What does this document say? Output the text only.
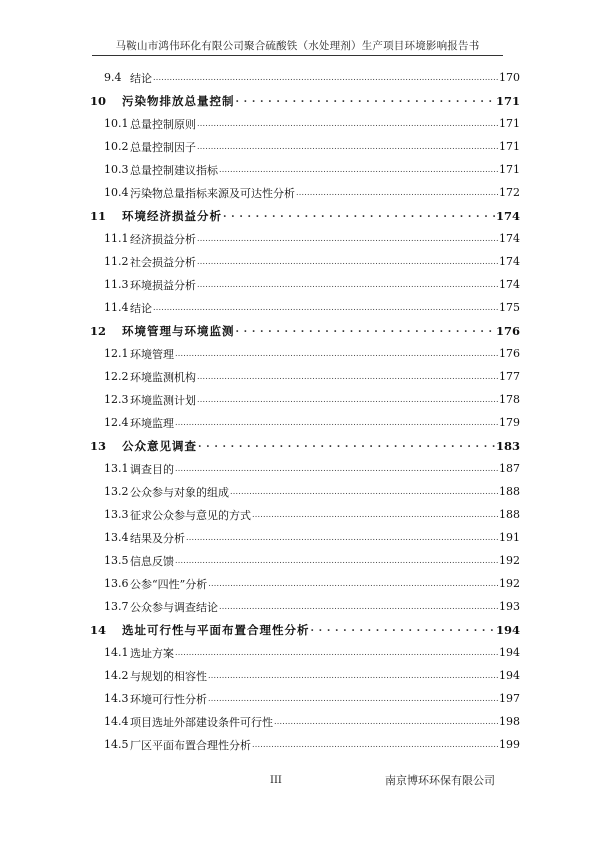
马鞍山市鸿伟环化有限公司聚合硫酸铁（水处理剂）生产项目环境影响报告书
9.4 结论 .....	170
10	污染物排放总量控制 . . .	171
10.1 总量控制原则 .....	171
10.2 总量控制因子 .....	171
10.3 总量控制建议指标 .....	171
10.4 污染物总量指标来源及可达性分析 .....	172
11	环境经济损益分析 . . .	174
11.1 经济损益分析 .....	174
11.2 社会损益分析 .....	174
11.3 环境损益分析 .....	174
11.4 结论 .....	175
12	环境管理与环境监测 . . .	176
12.1 环境管理 .....	176
12.2 环境监测机构 .....	177
12.3 环境监测计划 .....	178
12.4 环境监理 .....	179
13	公众意见调查 . . .	183
13.1 调查目的 .....	187
13.2 公众参与对象的组成 .....	188
13.3 征求公众参与意见的方式 .....	188
13.4 结果及分析 .....	191
13.5 信息反馈 .....	192
13.6 公参“四性”分析 .....	192
13.7 公众参与调查结论 .....	193
14	选址可行性与平面布置合理性分析 . . .	194
14.1 选址方案 .....	194
14.2 与规划的相容性 .....	194
14.3 环境可行性分析 .....	197
14.4 项目选址外部建设条件可行性 .....	198
14.5 厂区平面布置合理性分析 .....	199
III	南京博环环保有限公司
